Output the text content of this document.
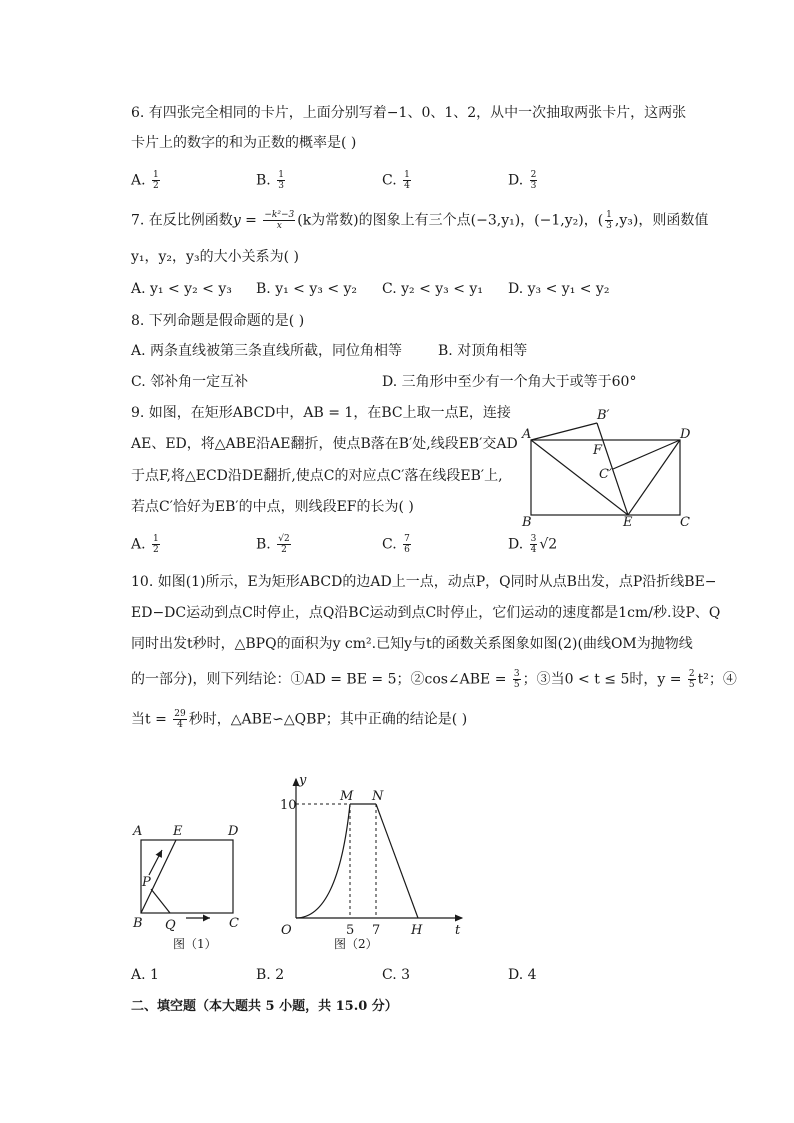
6. 有四张完全相同的卡片，上面分别写着−1、0、1、2，从中一次抽取两张卡片，这两张
卡片上的数字的和为正数的概率是( )
A. $\frac{1}{2}$	B. $\frac{1}{3}$	C. $\frac{1}{4}$	D. $\frac{2}{3}$
7. 在反比例函数$y = \frac{\text{−k²−3}}{x} (k$为常数)的图象上有三个点(−3,y₁)，(−1,y₂)，( $\frac{1}{3} ,y_3$)，则函数值
y₁，y₂，y₃的大小关系为( )
A. y₁ < y₂ < y₃ B. y₁ < y₃ < y₂ C. y₂ < y₃ < y₁ D. y₃ < y₁ < y₂
8. 下列命题是假命题的是( )
A. 两条直线被第三条直线所截，同位角相等	B. 对顶角相等
C. 邻补角一定互补	D. 三角形中至少有一个角大于或等于60°
9. 如图，在矩形ABCD中，AB = 1，在BC上取一点E，连接
AE、ED，将△ABE沿AE翻折，使点B落在B′处,线段EB′交AD
于点F,将△ECD沿DE翻折,使点C的对应点C′落在线段EB′上,
若点C′恰好为EB′的中点，则线段EF的长为( )
A
B′
D
F
C′
B	E	C
A. $\frac{1}{2}$	B. $\frac{√2}{2}$	C. $\frac{7}{6}$	D. $\frac{3}{4} √2$
10. 如图(1)所示，E为矩形ABCD的边AD上一点，动点P，Q同时从点B出发，点P沿折线BE−
ED−DC运动到点C时停止，点Q沿BC运动到点C时停止，它们运动的速度都是1cm/秒.设P、Q
同时出发t秒时，△BPQ的面积为y cm².已知y与t的函数关系图象如图(2)(曲线OM为抛物线
的一部分)，则下列结论：①AD = BE = 5；②cos∠ABE = $\frac{3}{5}$ ；③当0 < t ≤ 5时，$y = \frac{2}{5} t^2$；④
当$t = \frac{29}{4}$ 秒时，△ABE∽△QBP；其中正确的结论是( )
A E	D
P
B Q	C
图（1）
y
10
M N
O	5 7 H	t
图（2）
A. 1	B. 2	C. 3	D. 4
二、填空题（本大题共 5 小题，共 15.0 分）
